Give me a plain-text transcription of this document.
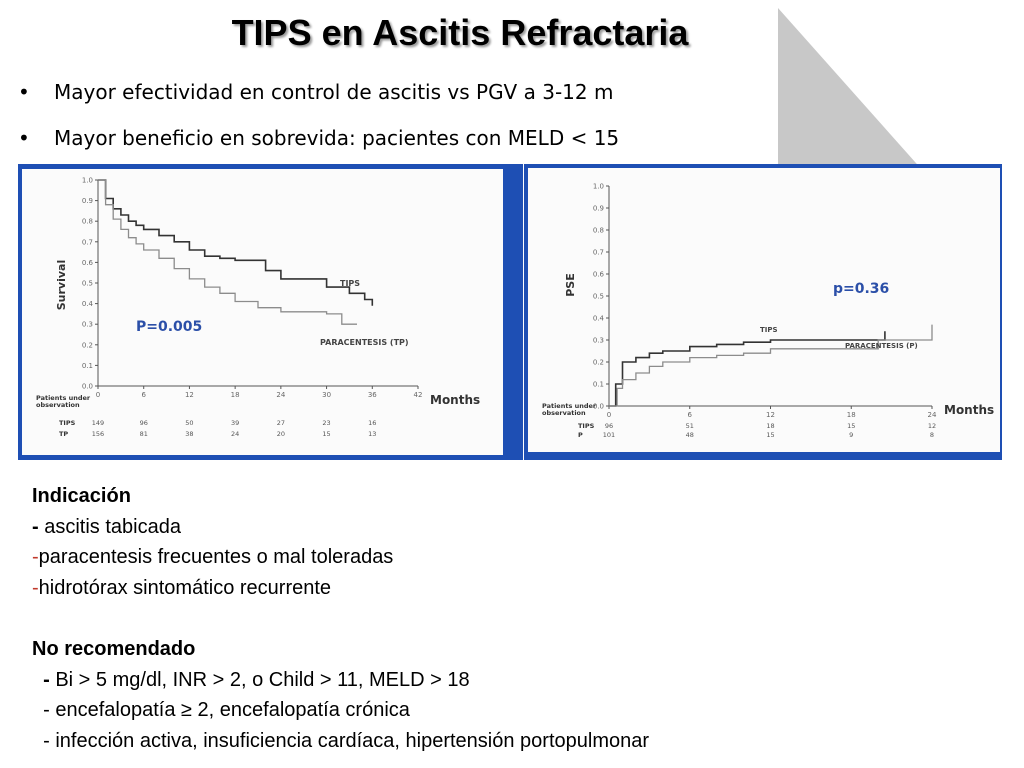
TIPS en Ascitis Refractaria
• Mayor efectividad en control de ascitis vs PGV a 3-12 m
• Mayor beneficio en sobrevida: pacientes con MELD < 15
0.0
0.1
0.2
0.3
0.4
0.5
0.6
0.7
0.8
0.9
1.0
0	6	12	18	24	30	36	42 Months
Survival	TIPS
PARACENTESIS (TP)
P=0.005
Patients under
observation
TIPS	149	96	50	39	27	23	16
TP	156	81	38	24	20	15	13
0.0
0.1
0.2
0.3
0.4
0.5
0.6
0.7
0.8
0.9
1.0
0	6	12	18	24 Months
PSE
TIPS
PARACENTESIS (P)
p=0.36
Patients under
observation
TIPS 96	51	18	15	12
P	101	48	15	9	8
Indicación
- ascitis tabicada
-paracentesis frecuentes o mal toleradas
-hidrotórax sintomático recurrente
No recomendado
- Bi > 5 mg/dl, INR > 2, o Child > 11, MELD > 18
- encefalopatía ≥ 2, encefalopatía crónica
- infección activa, insuficiencia cardíaca, hipertensión portopulmonar
